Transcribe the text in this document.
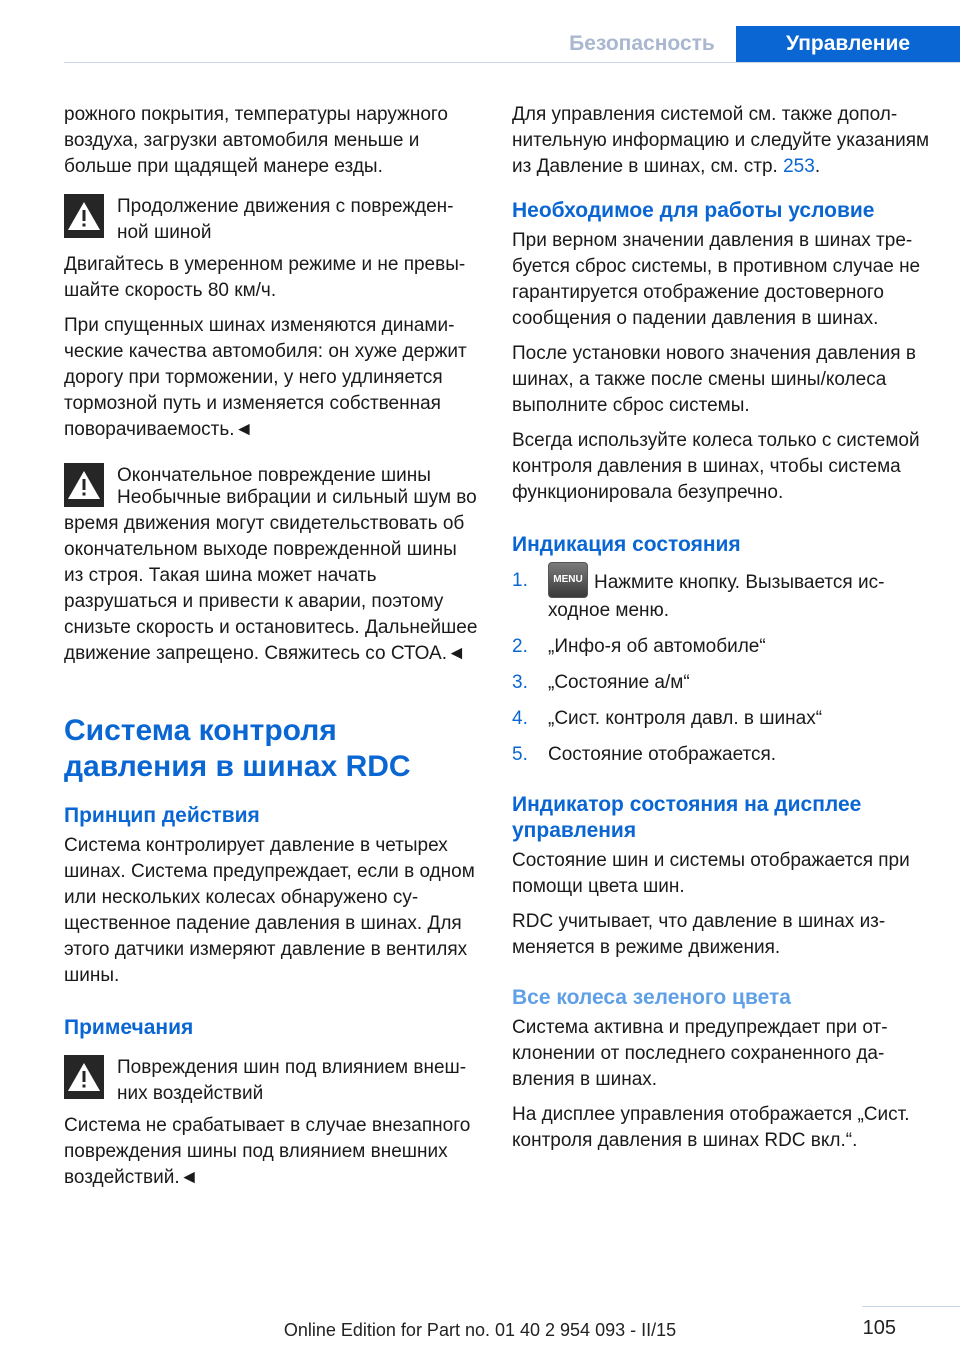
Безопасность	Управление

рожного покрытия, температуры наружного воздуха, загрузки автомобиля меньше и больше при щадящей манере езды.

Продолжение движения с поврежденной шиной

Двигайтесь в умеренном режиме и не превышайте скорость 80 км/ч.

При спущенных шинах изменяются динамические качества автомобиля: он хуже держит дорогу при торможении, у него удлиняется тормозной путь и изменяется собственная поворачиваемость.◄

Окончательное повреждение шины

Необычные вибрации и сильный шум во время движения могут свидетельствовать об окончательном выходе поврежденной шины из строя. Такая шина может начать разрушаться и привести к аварии, поэтому снизьте скорость и остановитесь. Дальнейшее движение запрещено. Свяжитесь со СТОА.◄

Система контроля давления в шинах RDC
Принцип действия

Система контролирует давление в четырех шинах. Система предупреждает, если в одном или нескольких колесах обнаружено существенное падение давления в шинах. Для этого датчики измеряют давление в вентилях шины.

Примечания
Повреждения шин под влиянием внешних воздействий

Система не срабатывает в случае внезапного повреждения шины под влиянием внешних воздействий.◄

Для управления системой см. также дополнительную информацию и следуйте указаниям из Давление в шинах, см. стр. 253.

Необходимое для работы условие

При верном значении давления в шинах требуется сброс системы, в противном случае не гарантируется отображение достоверного сообщения о падении давления в шинах.

После установки нового значения давления в шинах, а также после смены шины/колеса выполните сброс системы.

Всегда используйте колеса только с системой контроля давления в шинах, чтобы система функционировала безупречно.

Индикация состояния
1.	MENU Нажмите кнопку. Вызывается исходное меню.
2. „Инфо-я об автомобиле“
3. „Состояние а/м“
4. „Сист. контроля давл. в шинах“
5. Состояние отображается.
Индикатор состояния на дисплее управления

Состояние шин и системы отображается при помощи цвета шин.

RDC учитывает, что давление в шинах изменяется в режиме движения.

Все колеса зеленого цвета

Система активна и предупреждает при отклонении от последнего сохраненного давления в шинах.

На дисплее управления отображается „Сист. контроля давления в шинах RDC вкл.“.

105
Online Edition for Part no. 01 40 2 954 093 - II/15
